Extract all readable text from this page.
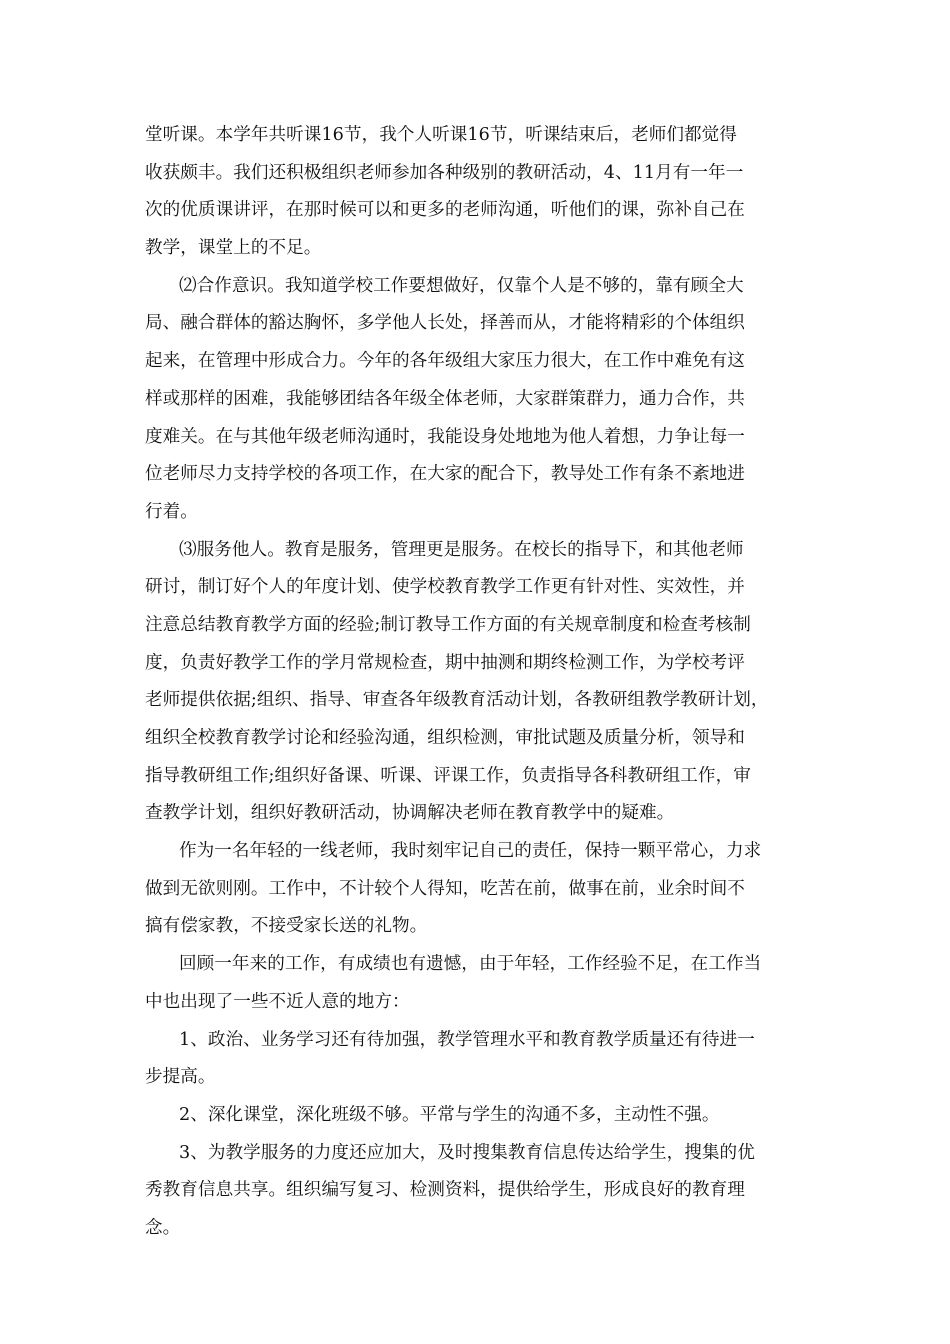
堂听课。本学年共听课16节，我个人听课16节，听课结束后，老师们都觉得
收获颇丰。我们还积极组织老师参加各种级别的教研活动，4、11月有一年一
次的优质课讲评，在那时候可以和更多的老师沟通，听他们的课，弥补自己在
教学，课堂上的不足。
⑵合作意识。我知道学校工作要想做好，仅靠个人是不够的，靠有顾全大
局、融合群体的豁达胸怀，多学他人长处，择善而从，才能将精彩的个体组织
起来，在管理中形成合力。今年的各年级组大家压力很大，在工作中难免有这
样或那样的困难，我能够团结各年级全体老师，大家群策群力，通力合作，共
度难关。在与其他年级老师沟通时，我能设身处地地为他人着想，力争让每一
位老师尽力支持学校的各项工作，在大家的配合下，教导处工作有条不紊地进
行着。
⑶服务他人。教育是服务，管理更是服务。在校长的指导下，和其他老师
研讨，制订好个人的年度计划、使学校教育教学工作更有针对性、实效性，并
注意总结教育教学方面的经验;制订教导工作方面的有关规章制度和检查考核制
度，负责好教学工作的学月常规检查，期中抽测和期终检测工作，为学校考评
老师提供依据;组织、指导、审查各年级教育活动计划，各教研组教学教研计划，
组织全校教育教学讨论和经验沟通，组织检测，审批试题及质量分析，领导和
指导教研组工作;组织好备课、听课、评课工作，负责指导各科教研组工作，审
查教学计划，组织好教研活动，协调解决老师在教育教学中的疑难。
作为一名年轻的一线老师，我时刻牢记自己的责任，保持一颗平常心，力求
做到无欲则刚。工作中，不计较个人得知，吃苦在前，做事在前，业余时间不
搞有偿家教，不接受家长送的礼物。
回顾一年来的工作，有成绩也有遗憾，由于年轻，工作经验不足，在工作当
中也出现了一些不近人意的地方：
1、政治、业务学习还有待加强，教学管理水平和教育教学质量还有待进一
步提高。
2、深化课堂，深化班级不够。平常与学生的沟通不多，主动性不强。
3、为教学服务的力度还应加大，及时搜集教育信息传达给学生，搜集的优
秀教育信息共享。组织编写复习、检测资料，提供给学生，形成良好的教育理
念。
